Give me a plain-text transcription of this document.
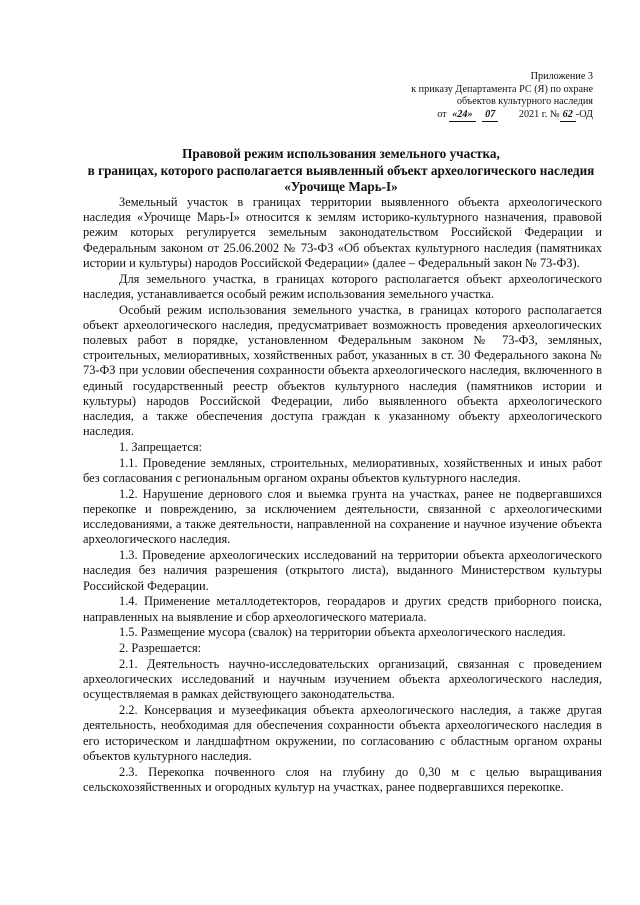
Приложение 3
к приказу Департамента РС (Я) по охране
объектов культурного наследия
от «24» 07 2021 г. № 62 -ОД
Правовой режим использования земельного участка,
в границах, которого располагается выявленный объект археологического наследия
«Урочище Марь-I»

Земельный участок в границах территории выявленного объекта археологического наследия «Урочище Марь-I» относится к землям историко-культурного назначения, правовой режим которых регулируется земельным законодательством Российской Федерации и Федеральным законом от 25.06.2002 № 73-ФЗ «Об объектах культурного наследия (памятниках истории и культуры) народов Российской Федерации» (далее – Федеральный закон № 73-ФЗ).

Для земельного участка, в границах которого располагается объект археологического наследия, устанавливается особый режим использования земельного участка.

Особый режим использования земельного участка, в границах которого располагается объект археологического наследия, предусматривает возможность проведения археологических полевых работ в порядке, установленном Федеральным законом № 73-ФЗ, земляных, строительных, мелиоративных, хозяйственных работ, указанных в ст. 30 Федерального закона № 73-ФЗ при условии обеспечения сохранности объекта археологического наследия, включенного в единый государственный реестр объектов культурного наследия (памятников истории и культуры) народов Российской Федерации, либо выявленного объекта археологического наследия, а также обеспечения доступа граждан к указанному объекту археологического наследия.

1. Запрещается:

1.1. Проведение земляных, строительных, мелиоративных, хозяйственных и иных работ без согласования с региональным органом охраны объектов культурного наследия.

1.2. Нарушение дернового слоя и выемка грунта на участках, ранее не подвергавшихся перекопке и повреждению, за исключением деятельности, связанной с археологическими исследованиями, а также деятельности, направленной на сохранение и научное изучение объекта археологического наследия.

1.3. Проведение археологических исследований на территории объекта археологического наследия без наличия разрешения (открытого листа), выданного Министерством культуры Российской Федерации.

1.4. Применение металлодетекторов, георадаров и других средств приборного поиска, направленных на выявление и сбор археологического материала.

1.5. Размещение мусора (свалок) на территории объекта археологического наследия.

2. Разрешается:

2.1. Деятельность научно-исследовательских организаций, связанная с проведением археологических исследований и научным изучением объекта археологического наследия, осуществляемая в рамках действующего законодательства.

2.2. Консервация и музеефикация объекта археологического наследия, а также другая деятельность, необходимая для обеспечения сохранности объекта археологического наследия в его историческом и ландшафтном окружении, по согласованию с областным органом охраны объектов культурного наследия.

2.3. Перекопка почвенного слоя на глубину до 0,30 м с целью выращивания сельскохозяйственных и огородных культур на участках, ранее подвергавшихся перекопке.
